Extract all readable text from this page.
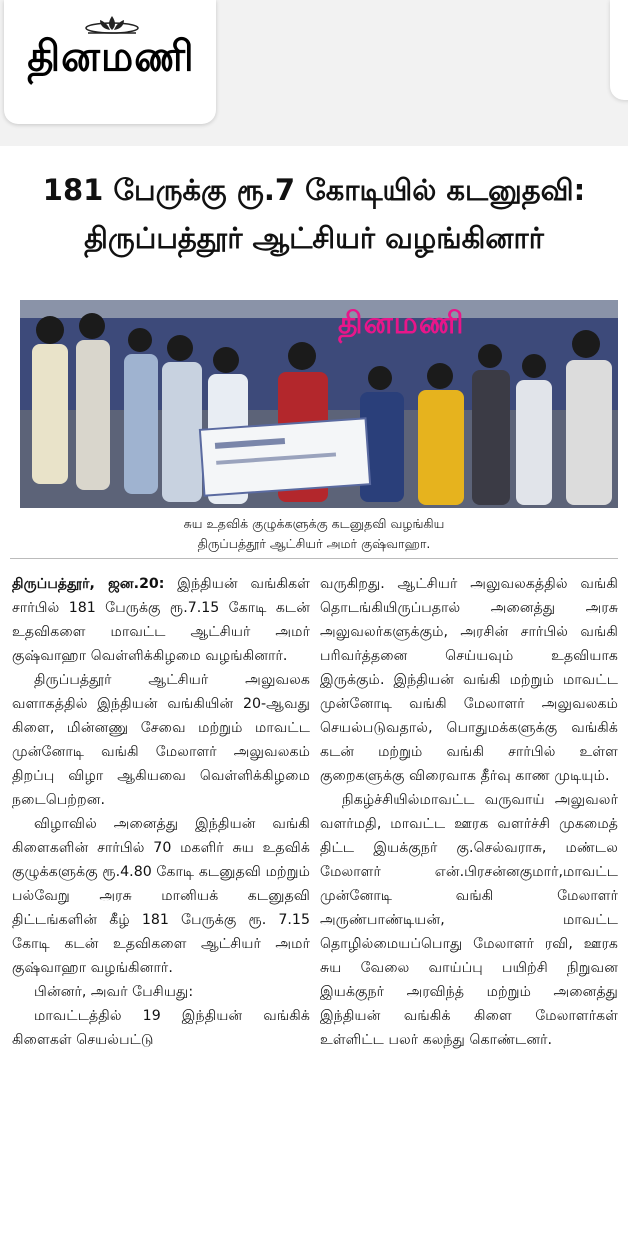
தினமணி
181 பேருக்கு ரூ.7 கோடியில் கடனுதவி:
திருப்பத்தூர் ஆட்சியர் வழங்கினார்
தினமணி
சுய உதவிக் குழுக்களுக்கு கடனுதவி வழங்கிய
திருப்பத்தூர் ஆட்சியர் அமர் குஷ்வாஹா.

திருப்பத்தூர், ஜன.20: இந்தியன் வங்கிகள் சார்பில் 181 பேருக்கு ரூ.7.15 கோடி கடன் உதவிகளை மாவட்ட ஆட்சியர் அமர் குஷ்வாஹா வெள்ளிக்கிழமை வழங்கினார்.

திருப்பத்தூர் ஆட்சியர் அலுவலக வளாகத்தில் இந்தியன் வங்கியின் 20-ஆவது கிளை, மின்னணு சேவை மற்றும் மாவட்ட முன்னோடி வங்கி மேலாளர் அலுவலகம் திறப்பு விழா ஆகியவை வெள்ளிக்கிழமை நடைபெற்றன.

விழாவில் அனைத்து இந்தியன் வங்கி கிளைகளின் சார்பில் 70 மகளிர் சுய உதவிக் குழுக்களுக்கு ரூ.4.80 கோடி கடனுதவி மற்றும் பல்வேறு அரசு மானியக் கடனுதவி திட்டங்களின் கீழ் 181 பேருக்கு ரூ. 7.15 கோடி கடன் உதவிகளை ஆட்சியர் அமர் குஷ்வாஹா வழங்கினார்.

பின்னர், அவர் பேசியது:

மாவட்டத்தில் 19 இந்தியன் வங்கிக் கிளைகள் செயல்பட்டு

வருகிறது. ஆட்சியர் அலுவலகத்தில் வங்கி தொடங்கியிருப்பதால் அனைத்து அரசு அலுவலர்களுக்கும், அரசின் சார்பில் வங்கி பரிவர்த்தனை செய்யவும் உதவியாக இருக்கும். இந்தியன் வங்கி மற்றும் மாவட்ட முன்னோடி வங்கி மேலாளர் அலுவலகம் செயல்படுவதால், பொதுமக்களுக்கு வங்கிக் கடன் மற்றும் வங்கி சார்பில் உள்ள குறைகளுக்கு விரைவாக தீர்வு காண முடியும்.

நிகழ்ச்சியில்மாவட்ட வருவாய் அலுவலர் வளர்மதி, மாவட்ட ஊரக வளர்ச்சி முகமைத் திட்ட இயக்குநர் கு.செல்வராசு, மண்டல மேலாளர் என்.பிரசன்னகுமார்,மாவட்ட முன்னோடி வங்கி மேலாளர் அருண்பாண்டியன், மாவட்ட தொழில்மையப்பொது மேலாளர் ரவி, ஊரக சுய வேலை வாய்ப்பு பயிற்சி நிறுவன இயக்குநர் அரவிந்த் மற்றும் அனைத்து இந்தியன் வங்கிக் கிளை மேலாளர்கள் உள்ளிட்ட பலர் கலந்து கொண்டனர்.
